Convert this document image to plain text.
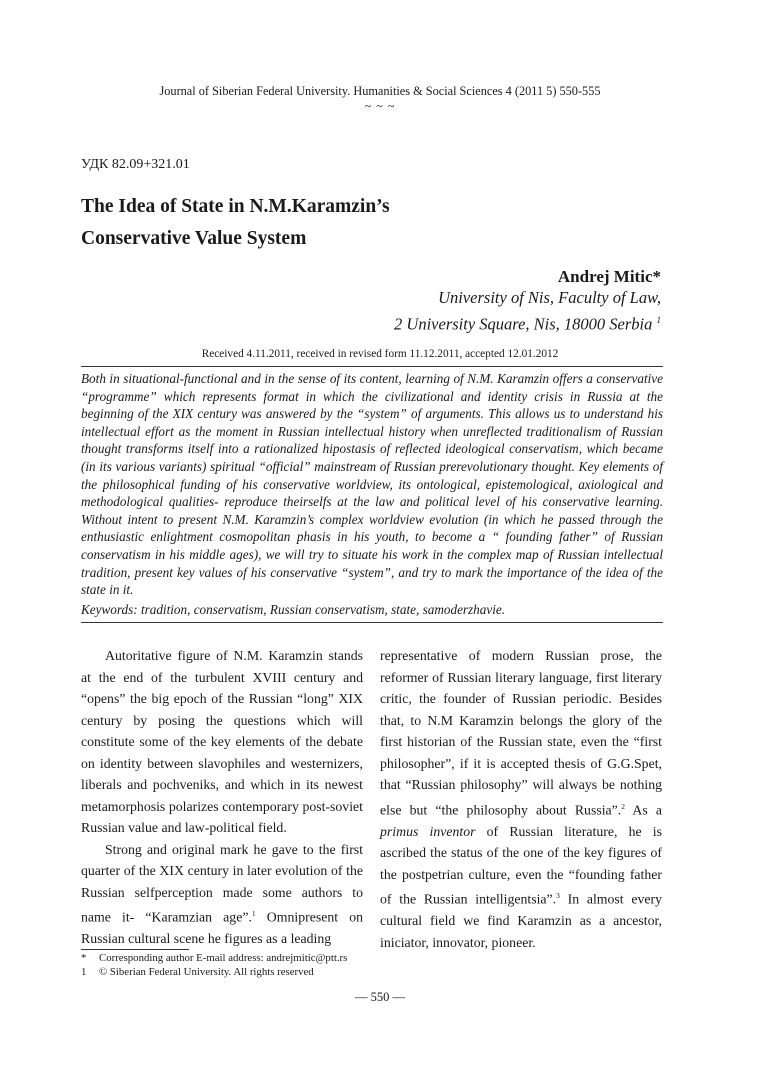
Journal of Siberian Federal University. Humanities & Social Sciences 4 (2011 5) 550-555
~ ~ ~
УДК 82.09+321.01
The Idea of State in N.M.Karamzin’s
Conservative Value System
Andrej Mitic*
University of Nis, Faculty of Law,
2 University Square, Nis, 18000 Serbia $^1$
Received 4.11.2011, received in revised form 11.12.2011, accepted 12.01.2012

Both in situational-functional and in the sense of its content, learning of N.M. Karamzin offers a conservative “programme” which represents format in which the civilizational and identity crisis in Russia at the beginning of the XIX century was answered by the “system” of arguments. This allows us to understand his intellectual effort as the moment in Russian intellectual history when unreflected traditionalism of Russian thought transforms itself into a rationalized hipostasis of reflected ideological conservatism, which became (in its various variants) spiritual “official” mainstream of Russian prerevolutionary thought. Key elements of the philosophical funding of his conservative worldview, its ontological, epistemological, axiological and methodological qualities- reproduce theirselfs at the law and political level of his conservative learning. Without intent to present N.M. Karamzin’s complex worldview evolution (in which he passed through the enthusiastic enlightment cosmopolitan phasis in his youth, to become a “ founding father” of Russian conservatism in his middle ages), we will try to situate his work in the complex map of Russian intellectual tradition, present key values of his conservative “system”, and try to mark the importance of the idea of the state in it.

Keywords: tradition, conservatism, Russian conservatism, state, samoderzhavie.

Autoritative figure of N.M. Karamzin stands at the end of the turbulent XVIII century and “opens” the big epoch of the Russian “long” XIX century by posing the questions which will constitute some of the key elements of the debate on identity between slavophiles and westernizers, liberals and pochveniks, and which in its newest metamorphosis polarizes contemporary post-soviet Russian value and law-political field.

Strong and original mark he gave to the first quarter of the XIX century in later evolution of the Russian selfperception made some authors to name it- “Karamzian age”.$^1$ Omnipresent on Russian cultural scene he figures as a leading

representative of modern Russian prose, the reformer of Russian literary language, first literary critic, the founder of Russian periodic. Besides that, to N.M Karamzin belongs the glory of the first historian of the Russian state, even the “first philosopher”, if it is accepted thesis of G.G.Spet, that “Russian philosophy” will always be nothing else but “the philosophy about Russia”.$^2$ As a primus inventor of Russian literature, he is ascribed the status of the one of the key figures of the postpetrian culture, even the “founding father of the Russian intelligentsia”.$^3$ In almost every cultural field we find Karamzin as a ancestor, iniciator, innovator, pioneer.

* Corresponding author E-mail address: andrejmitic@ptt.rs
1 © Siberian Federal University. All rights reserved
— 550 —
